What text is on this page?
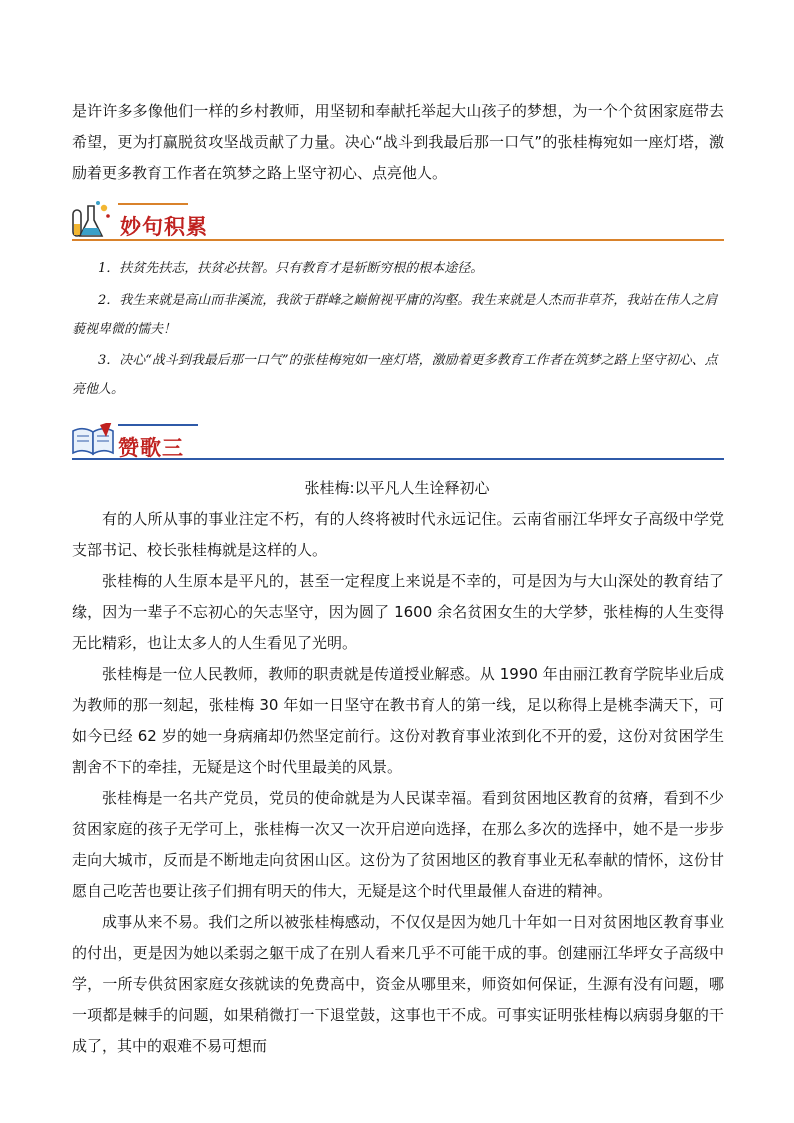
是许许多多像他们一样的乡村教师，用坚韧和奉献托举起大山孩子的梦想，为一个个贫困家庭带去希望，更为打赢脱贫攻坚战贡献了力量。决心“战斗到我最后那一口气”的张桂梅宛如一座灯塔，激励着更多教育工作者在筑梦之路上坚守初心、点亮他人。

妙句积累

1．扶贫先扶志，扶贫必扶智。只有教育才是斩断穷根的根本途径。

2．我生来就是高山而非溪流，我欲于群峰之巅俯视平庸的沟壑。我生来就是人杰而非草芥，我站在伟人之肩藐视卑微的懦夫！

3．决心“战斗到我最后那一口气”的张桂梅宛如一座灯塔，激励着更多教育工作者在筑梦之路上坚守初心、点亮他人。

赞歌三
张桂梅:以平凡人生诠释初心

有的人所从事的事业注定不朽，有的人终将被时代永远记住。云南省丽江华坪女子高级中学党支部书记、校长张桂梅就是这样的人。

张桂梅的人生原本是平凡的，甚至一定程度上来说是不幸的，可是因为与大山深处的教育结了缘，因为一辈子不忘初心的矢志坚守，因为圆了 1600 余名贫困女生的大学梦，张桂梅的人生变得无比精彩，也让太多人的人生看见了光明。

张桂梅是一位人民教师，教师的职责就是传道授业解惑。从 1990 年由丽江教育学院毕业后成为教师的那一刻起，张桂梅 30 年如一日坚守在教书育人的第一线，足以称得上是桃李满天下，可如今已经 62 岁的她一身病痛却仍然坚定前行。这份对教育事业浓到化不开的爱，这份对贫困学生割舍不下的牵挂，无疑是这个时代里最美的风景。

张桂梅是一名共产党员，党员的使命就是为人民谋幸福。看到贫困地区教育的贫瘠，看到不少贫困家庭的孩子无学可上，张桂梅一次又一次开启逆向选择，在那么多次的选择中，她不是一步步走向大城市，反而是不断地走向贫困山区。这份为了贫困地区的教育事业无私奉献的情怀，这份甘愿自己吃苦也要让孩子们拥有明天的伟大，无疑是这个时代里最催人奋进的精神。

成事从来不易。我们之所以被张桂梅感动，不仅仅是因为她几十年如一日对贫困地区教育事业的付出，更是因为她以柔弱之躯干成了在别人看来几乎不可能干成的事。创建丽江华坪女子高级中学，一所专供贫困家庭女孩就读的免费高中，资金从哪里来，师资如何保证，生源有没有问题，哪一项都是棘手的问题，如果稍微打一下退堂鼓，这事也干不成。可事实证明张桂梅以病弱身躯的干成了，其中的艰难不易可想而
